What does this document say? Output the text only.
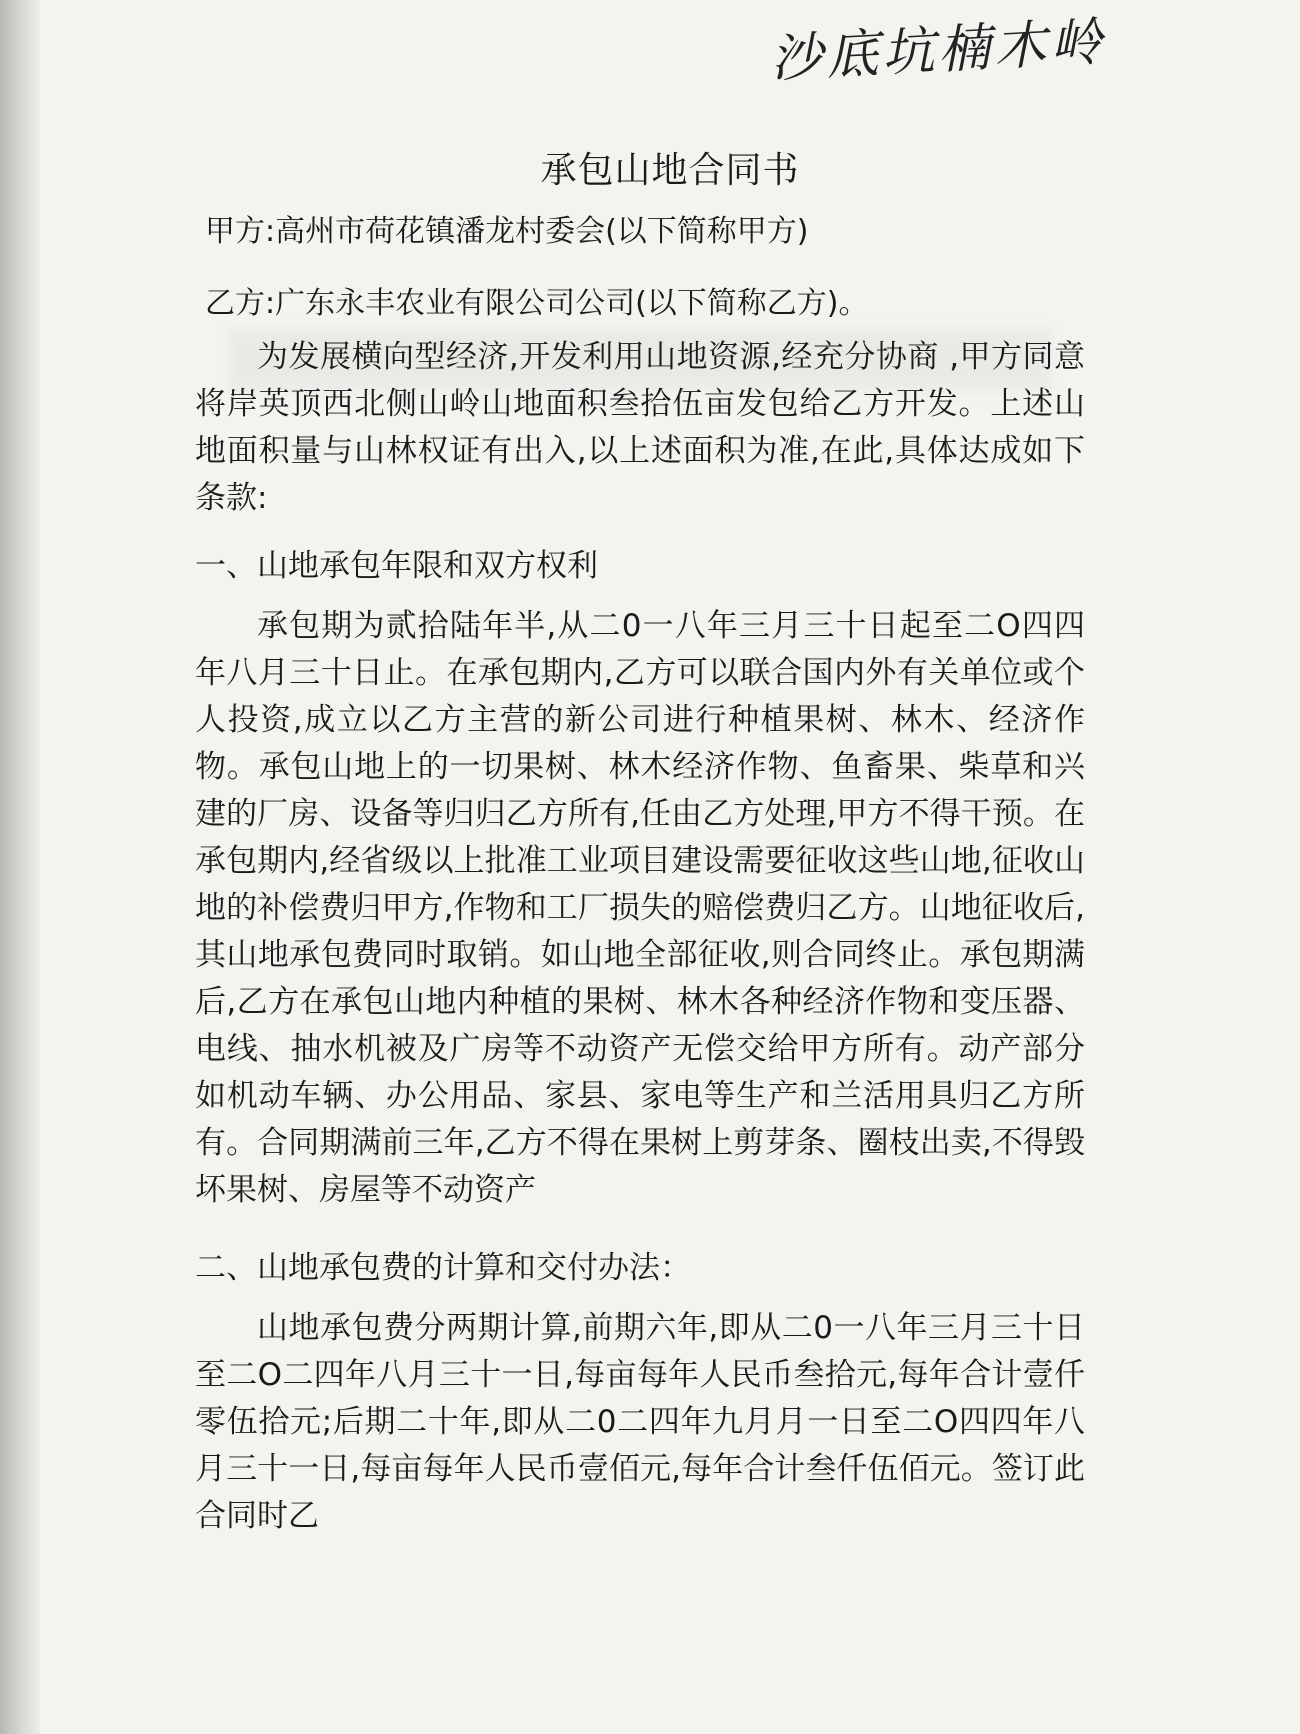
沙底坑楠木岭
承包山地合同书
甲方:高州市荷花镇潘龙村委会(以下简称甲方)
乙方:广东永丰农业有限公司公司(以下简称乙方)。

为发展横向型经济,开发利用山地资源,经充分协商 ,甲方同意将岸英顶西北侧山岭山地面积叁拾伍亩发包给乙方开发。上述山地面积量与山林权证有出入,以上述面积为准,在此,具体达成如下条款:

一、山地承包年限和双方权利

承包期为贰拾陆年半,从二0一八年三月三十日起至二O四四年八月三十日止。在承包期内,乙方可以联合国内外有关单位或个人投资,成立以乙方主营的新公司进行种植果树、林木、经济作物。承包山地上的一切果树、林木经济作物、鱼畜果、柴草和兴建的厂房、设备等归归乙方所有,任由乙方处理,甲方不得干预。在承包期内,经省级以上批准工业项目建设需要征收这些山地,征收山地的补偿费归甲方,作物和工厂损失的赔偿费归乙方。山地征收后,其山地承包费同时取销。如山地全部征收,则合同终止。承包期满后,乙方在承包山地内种植的果树、林木各种经济作物和变压器、电线、抽水机被及广房等不动资产无偿交给甲方所有。动产部分如机动车辆、办公用品、家县、家电等生产和兰活用具归乙方所有。合同期满前三年,乙方不得在果树上剪芽条、圈枝出卖,不得毁坏果树、房屋等不动资产

二、山地承包费的计算和交付办法：

山地承包费分两期计算,前期六年,即从二0一八年三月三十日至二O二四年八月三十一日,每亩每年人民币叁拾元,每年合计壹仟零伍拾元;后期二十年,即从二0二四年九月月一日至二O四四年八月三十一日,每亩每年人民币壹佰元,每年合计叁仟伍佰元。签订此合同时乙
